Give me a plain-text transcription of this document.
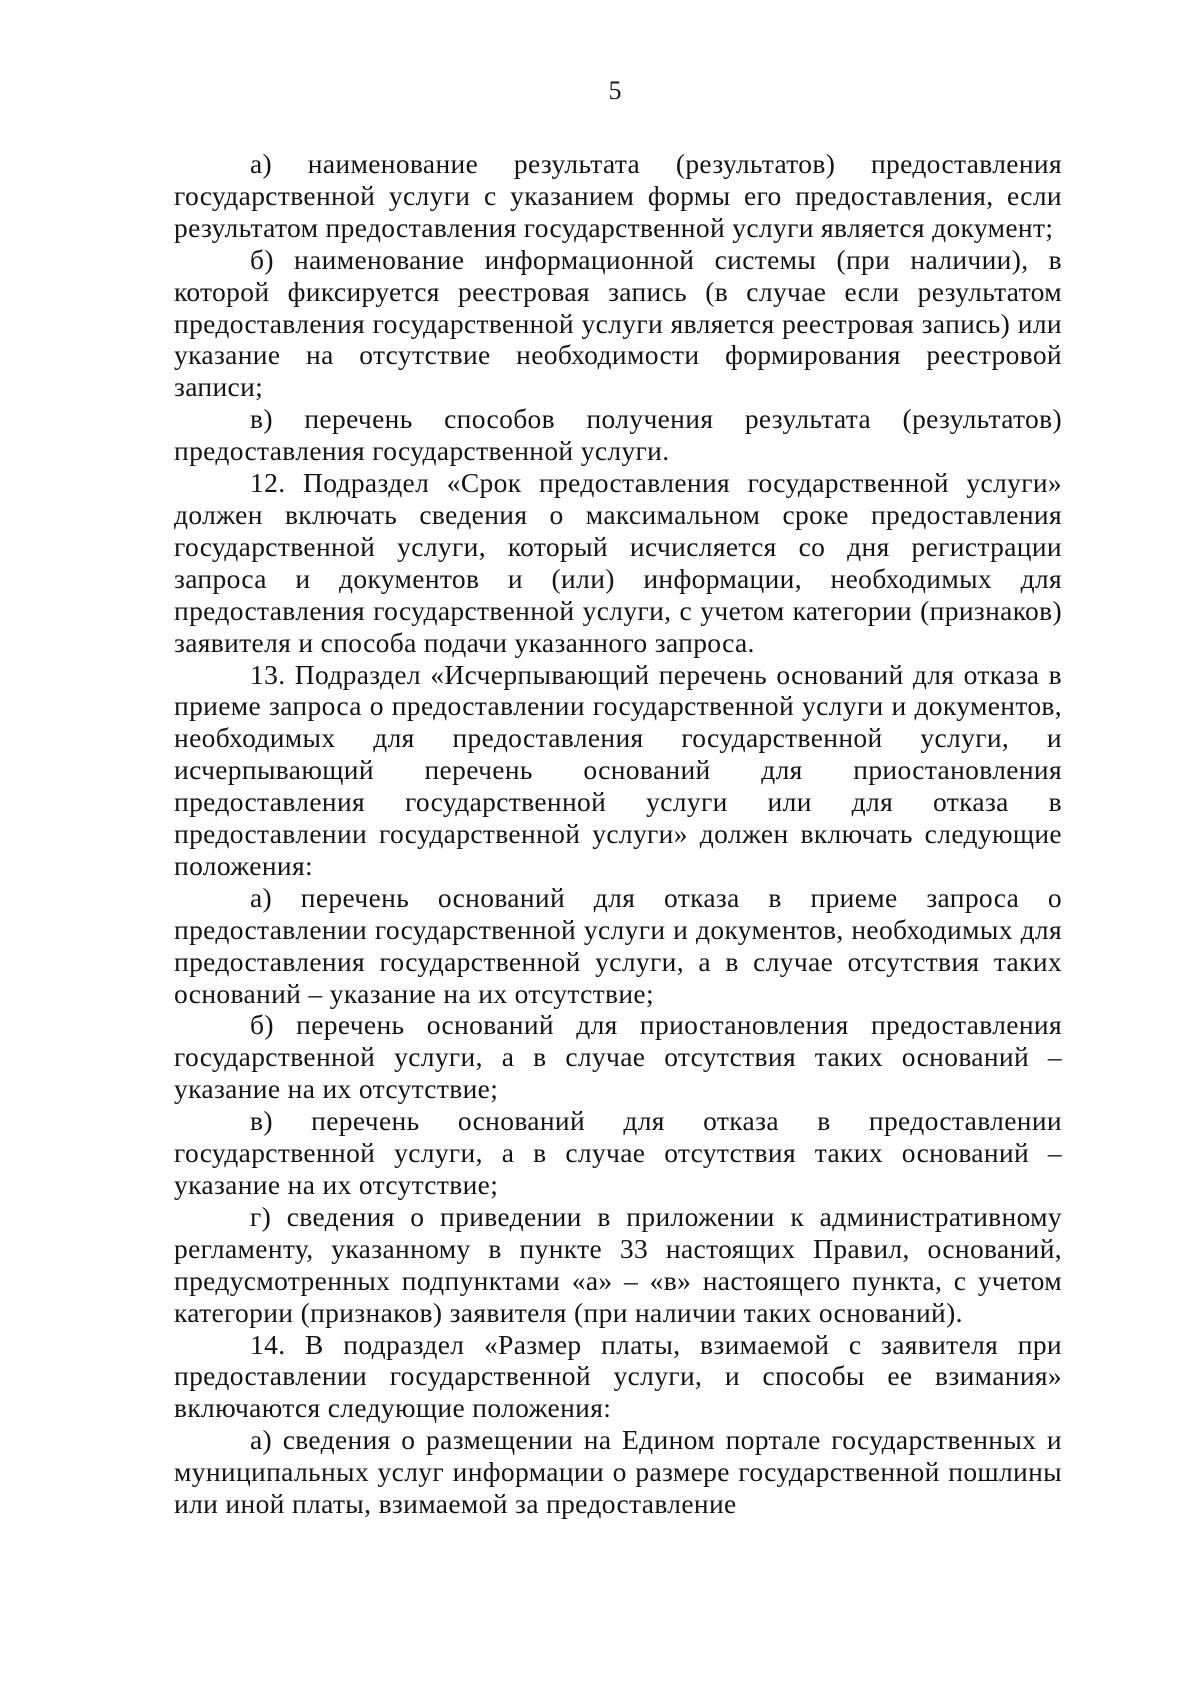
5

а) наименование результата (результатов) предоставления государственной услуги с указанием формы его предоставления, если результатом предоставления государственной услуги является документ;

б) наименование информационной системы (при наличии), в которой фиксируется реестровая запись (в случае если результатом предоставления государственной услуги является реестровая запись) или указание на отсутствие необходимости формирования реестровой записи;

в) перечень способов получения результата (результатов) предоставления государственной услуги.

12. Подраздел «Срок предоставления государственной услуги» должен включать сведения о максимальном сроке предоставления государственной услуги, который исчисляется со дня регистрации запроса и документов и (или) информации, необходимых для предоставления государственной услуги, с учетом категории (признаков) заявителя и способа подачи указанного запроса.

13. Подраздел «Исчерпывающий перечень оснований для отказа в приеме запроса о предоставлении государственной услуги и документов, необходимых для предоставления государственной услуги, и исчерпывающий перечень оснований для приостановления предоставления государственной услуги или для отказа в предоставлении государственной услуги» должен включать следующие положения:

а) перечень оснований для отказа в приеме запроса о предоставлении государственной услуги и документов, необходимых для предоставления государственной услуги, а в случае отсутствия таких оснований – указание на их отсутствие;

б) перечень оснований для приостановления предоставления государственной услуги, а в случае отсутствия таких оснований – указание на их отсутствие;

в) перечень оснований для отказа в предоставлении государственной услуги, а в случае отсутствия таких оснований – указание на их отсутствие;

г) сведения о приведении в приложении к административному регламенту, указанному в пункте 33 настоящих Правил, оснований, предусмотренных подпунктами «а» – «в» настоящего пункта, с учетом категории (признаков) заявителя (при наличии таких оснований).

14. В подраздел «Размер платы, взимаемой с заявителя при предоставлении государственной услуги, и способы ее взимания» включаются следующие положения:

а) сведения о размещении на Едином портале государственных и муниципальных услуг информации о размере государственной пошлины или иной платы, взимаемой за предоставление
